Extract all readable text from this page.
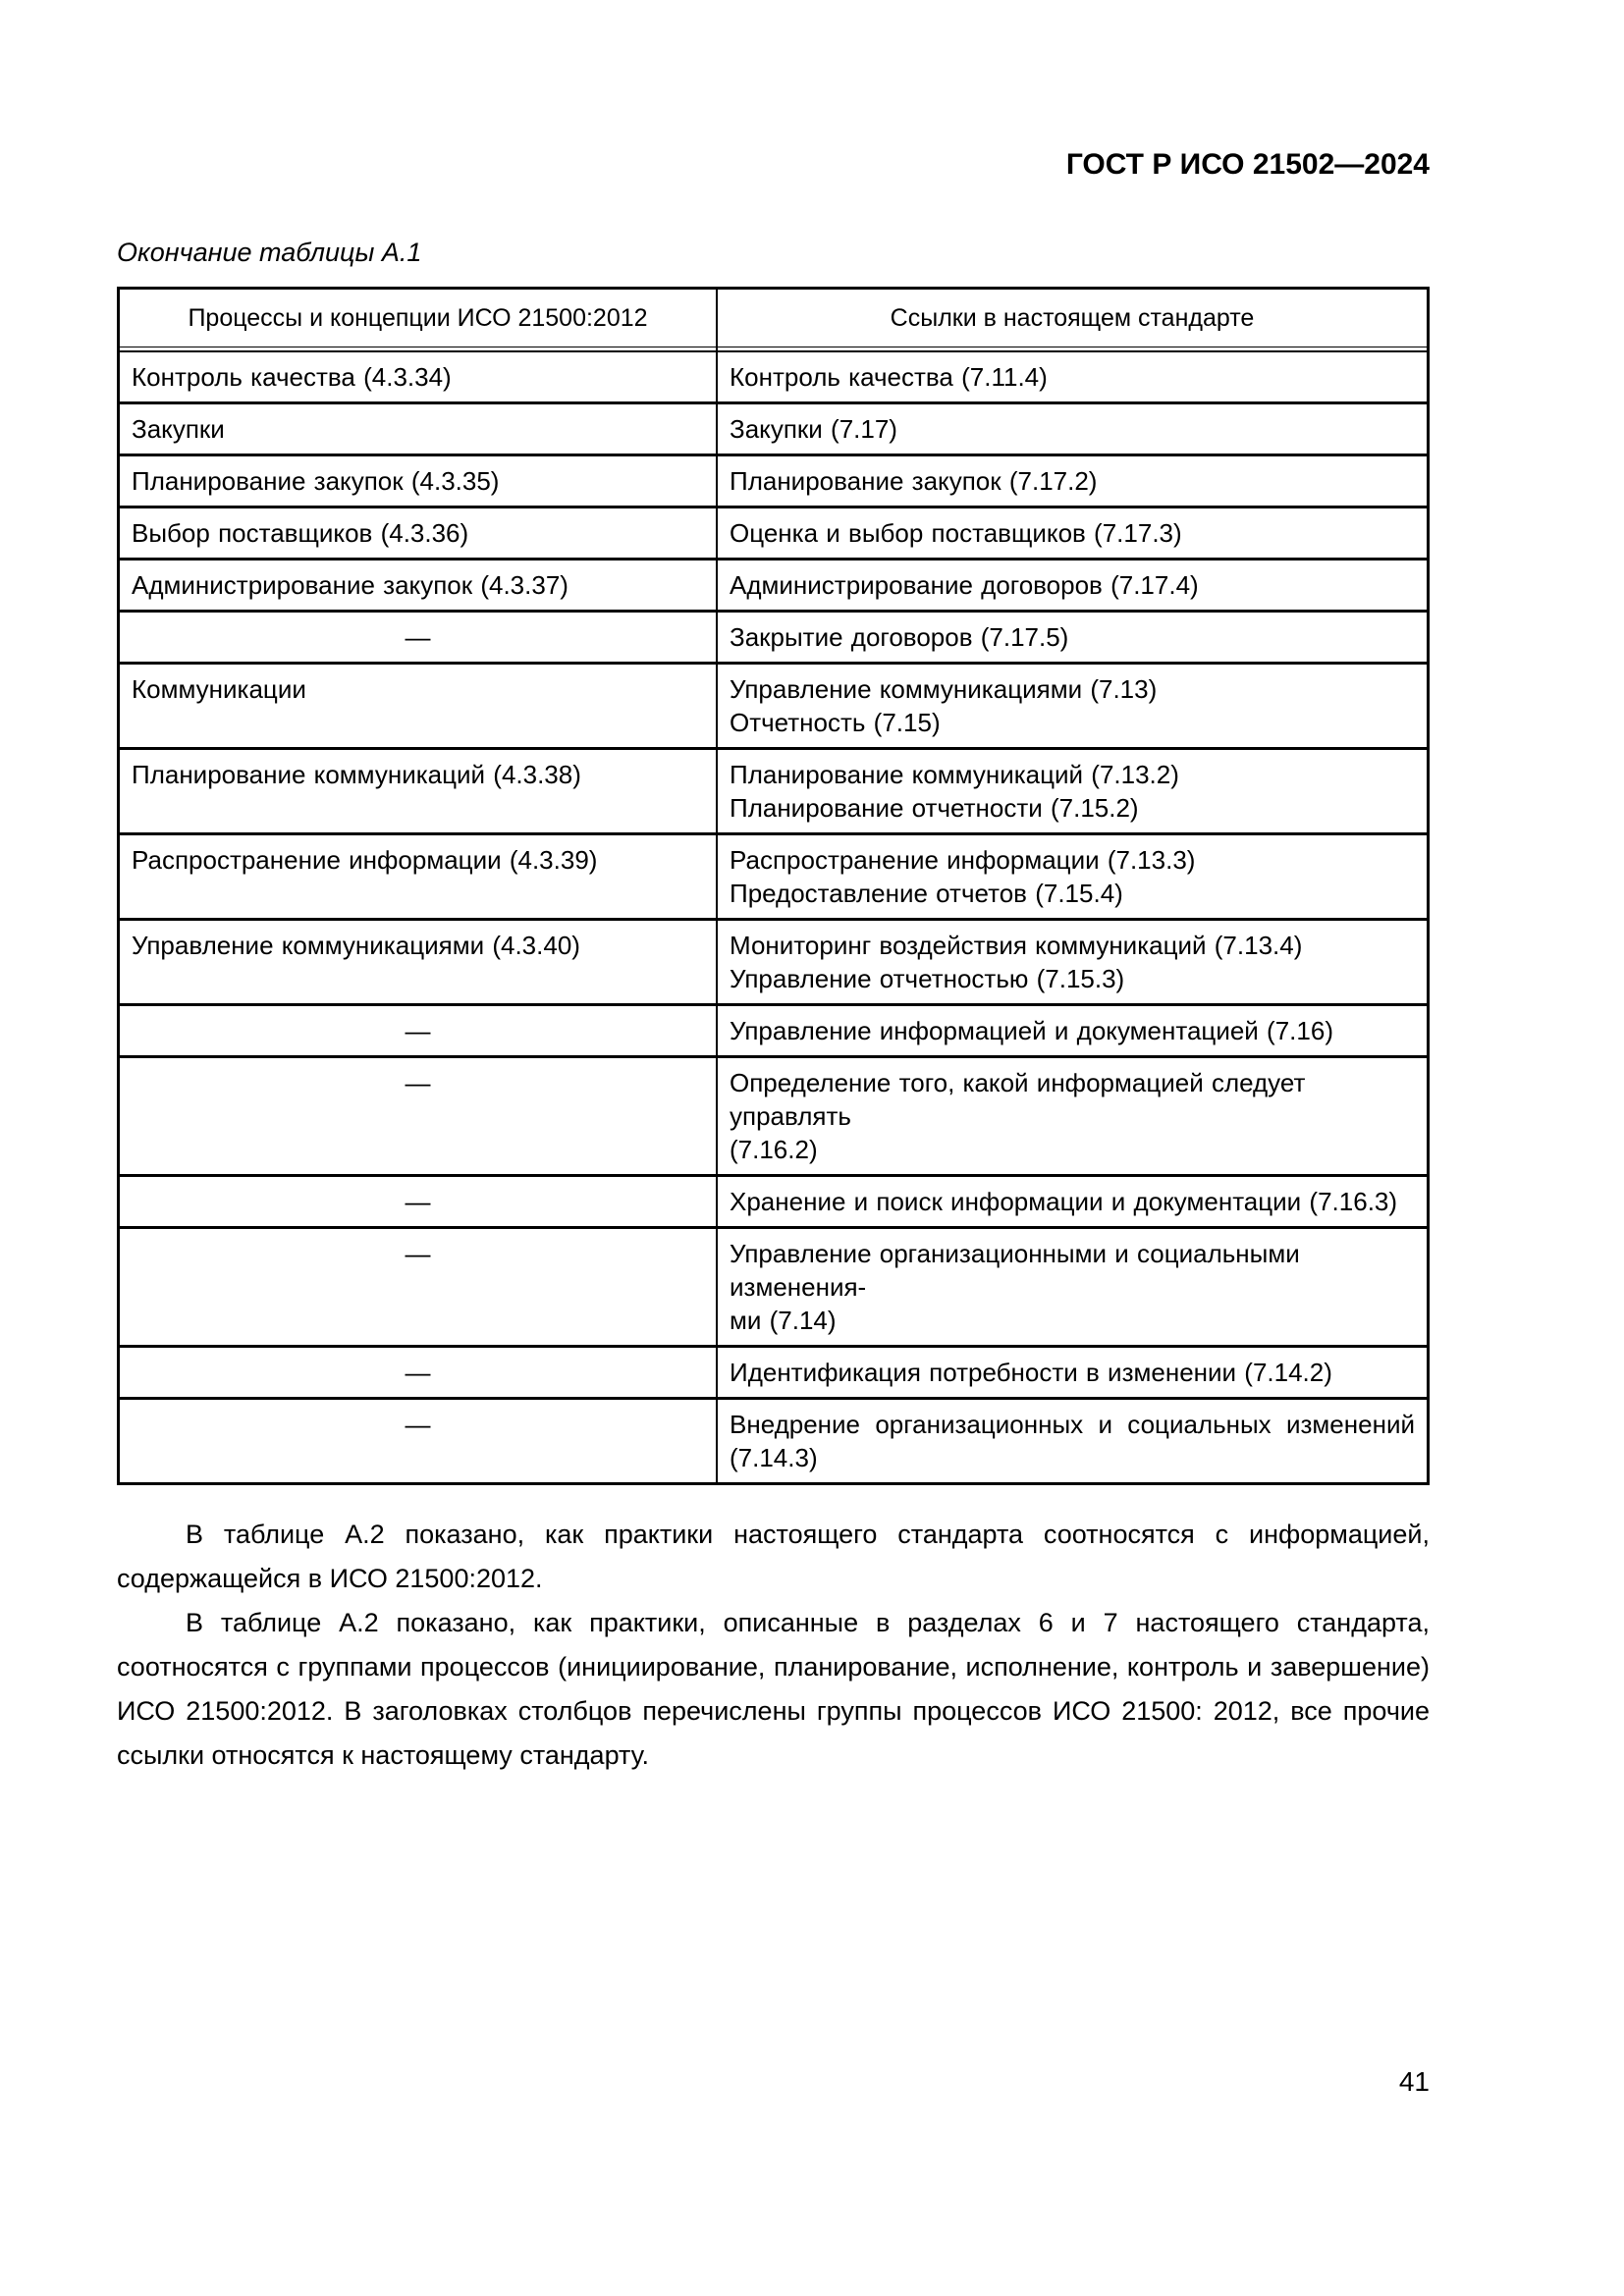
ГОСТ Р ИСО 21502—2024
Окончание таблицы А.1
Процессы и концепции ИСО 21500:2012	Ссылки в настоящем стандарте

Контроль качества (4.3.34)	Контроль качества (7.11.4)

Закупки	Закупки (7.17)

Планирование закупок (4.3.35)	Планирование закупок (7.17.2)

Выбор поставщиков (4.3.36)	Оценка и выбор поставщиков (7.17.3)

Администрирование закупок (4.3.37)	Администрирование договоров (7.17.4)

—	Закрытие договоров (7.17.5)

Коммуникации	Управление коммуникациями (7.13)
Отчетность (7.15)

Планирование коммуникаций (4.3.38)	Планирование коммуникаций (7.13.2)
Планирование отчетности (7.15.2)

Распространение информации (4.3.39)	Распространение информации (7.13.3)
Предоставление отчетов (7.15.4)

Управление коммуникациями (4.3.40)	Мониторинг воздействия коммуникаций (7.13.4)
Управление отчетностью (7.15.3)

—	Управление информацией и документацией (7.16)

—	Определение того, какой информацией следует управлять
(7.16.2)

—	Хранение и поиск информации и документации (7.16.3)

—	Управление организационными и социальными изменения-
ми (7.14)

—	Идентификация потребности в изменении (7.14.2)

—	Внедрение организационных и социальных изменений
(7.14.3)

В таблице А.2 показано, как практики настоящего стандарта соотносятся с информацией, содержащейся в ИСО 21500:2012.

В таблице А.2 показано, как практики, описанные в разделах 6 и 7 настоящего стандарта, соотносятся с группами процессов (инициирование, планирование, исполнение, контроль и завершение) ИСО 21500:2012. В заголовках столбцов перечислены группы процессов ИСО 21500: 2012, все прочие ссылки относятся к настоящему стандарту.

41
